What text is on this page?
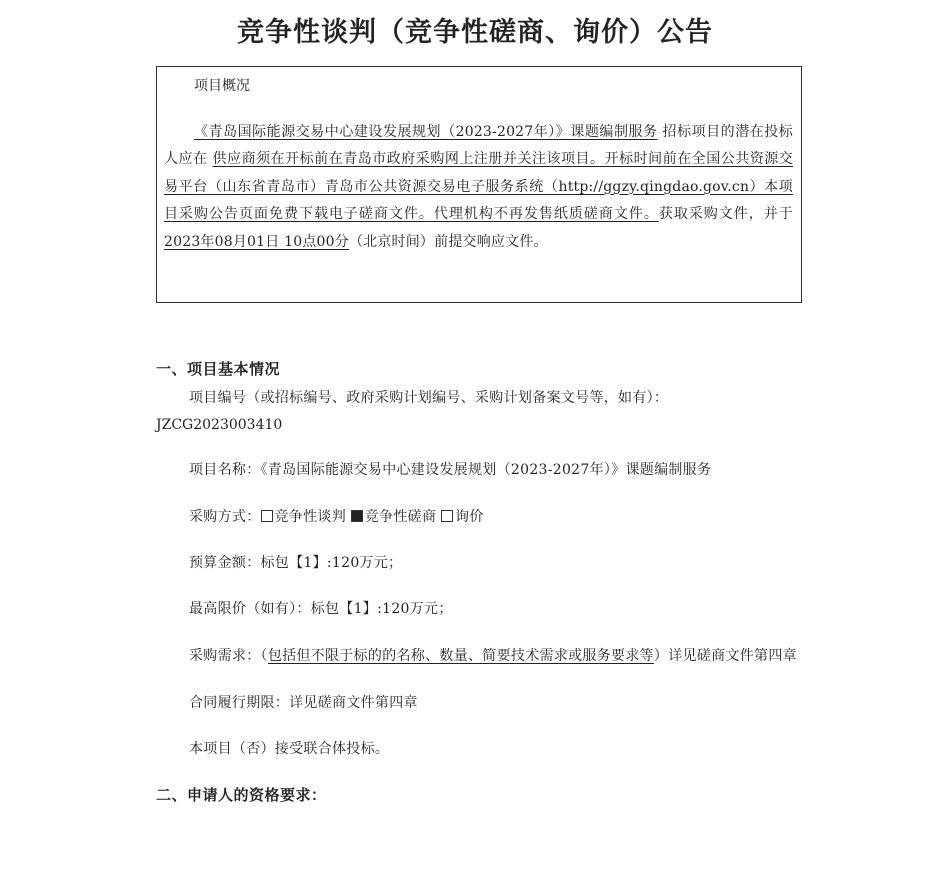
竞争性谈判（竞争性磋商、询价）公告
项目概况
《青岛国际能源交易中心建设发展规划（2023-2027年）》课题编制服务 招标项目的潜在投标人应在 供应商须在开标前在青岛市政府采购网上注册并关注该项目。开标时间前在全国公共资源交易平台（山东省青岛市）青岛市公共资源交易电子服务系统（http://ggzy.qingdao.gov.cn）本项目采购公告页面免费下载电子磋商文件。代理机构不再发售纸质磋商文件。获取采购文件，并于2023年08月01日 10点00分（北京时间）前提交响应文件。
一、项目基本情况
项目编号（或招标编号、政府采购计划编号、采购计划备案文号等，如有）：
JZCG2023003410
项目名称：《青岛国际能源交易中心建设发展规划（2023-2027年）》课题编制服务
采购方式： 竞争性谈判 竞争性磋商 询价
预算金额：标包【1】:120万元；
最高限价（如有）：标包【1】:120万元；
采购需求：（包括但不限于标的的名称、数量、简要技术需求或服务要求等）详见磋商文件第四章
合同履行期限：详见磋商文件第四章
本项目（否）接受联合体投标。
二、申请人的资格要求：
